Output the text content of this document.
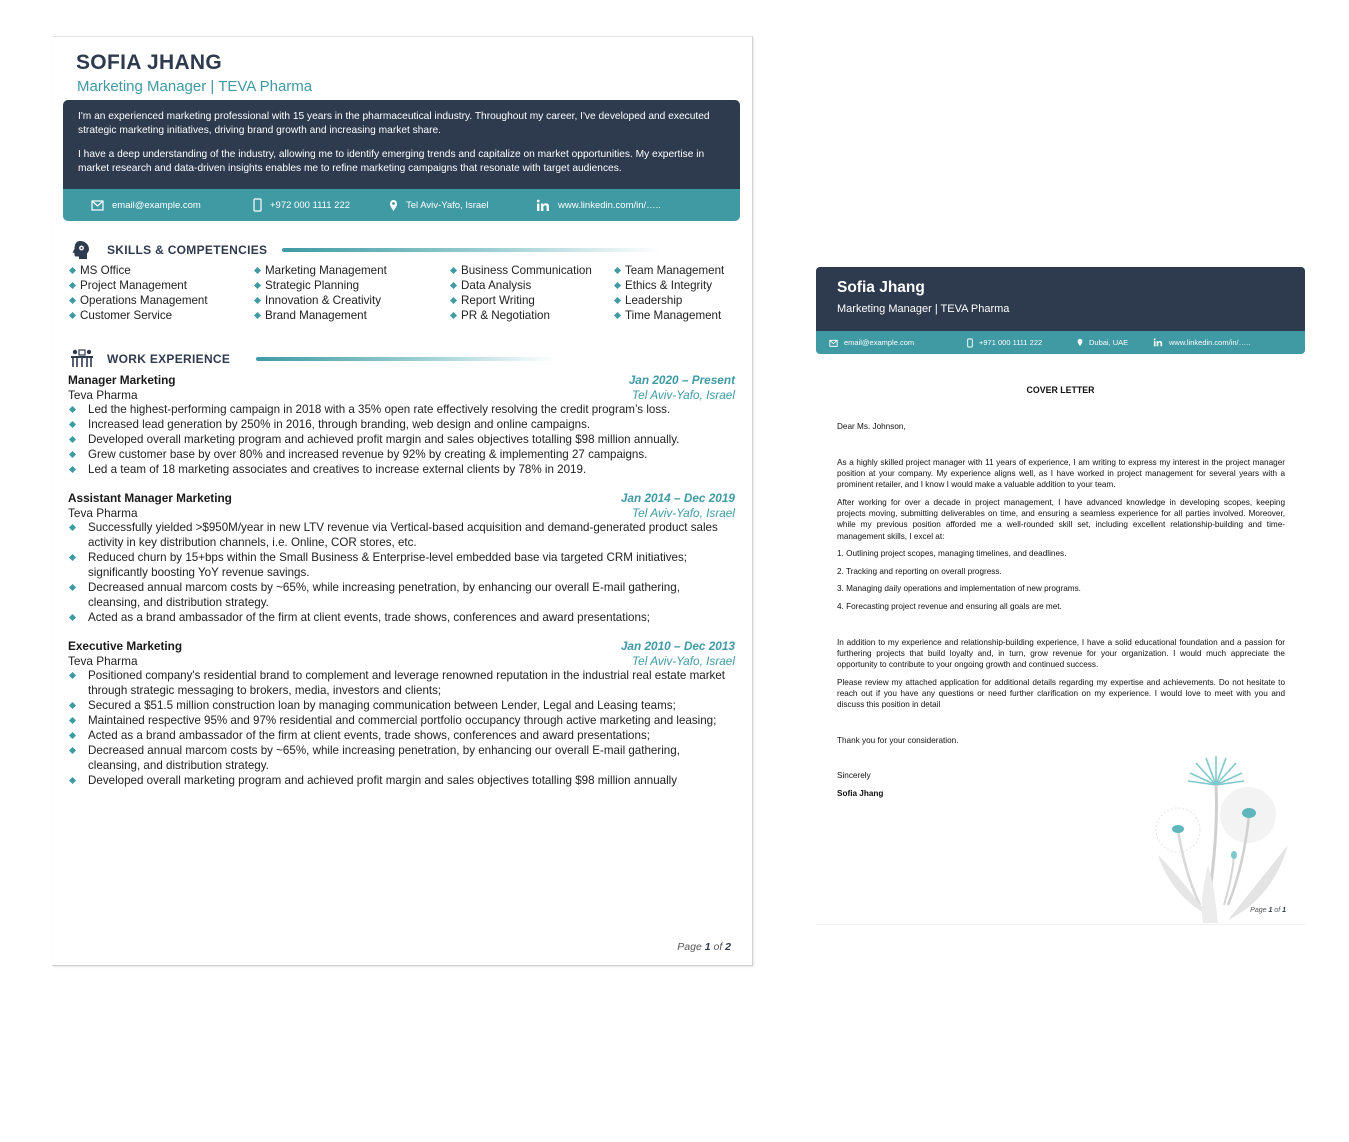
SOFIA JHANG
Marketing Manager | TEVA Pharma

I'm an experienced marketing professional with 15 years in the pharmaceutical industry. Throughout my career, I've developed and executed strategic marketing initiatives, driving brand growth and increasing market share.

I have a deep understanding of the industry, allowing me to identify emerging trends and capitalize on market opportunities. My expertise in market research and data-driven insights enables me to refine marketing campaigns that resonate with target audiences.

email@example.com	+972 000 1111 222	Tel Aviv-Yafo, Israel	www.linkedin.com/in/…..
SKILLS & COMPETENCIES
MS Office
Project Management
Operations Management
Customer Service
Marketing Management
Strategic Planning
Innovation & Creativity
Brand Management
Business Communication
Data Analysis
Report Writing
PR & Negotiation
Team Management
Ethics & Integrity
Leadership
Time Management
WORK EXPERIENCE
Manager Marketing	Jan 2020 – Present
Teva Pharma	Tel Aviv-Yafo, Israel
Led the highest-performing campaign in 2018 with a 35% open rate effectively resolving the credit program’s loss.
Increased lead generation by 250% in 2016, through branding, web design and online campaigns.
Developed overall marketing program and achieved profit margin and sales objectives totalling $98 million annually.
Grew customer base by over 80% and increased revenue by 92% by creating & implementing 27 campaigns.
Led a team of 18 marketing associates and creatives to increase external clients by 78% in 2019.
Assistant Manager Marketing	Jan 2014 – Dec 2019
Teva Pharma	Tel Aviv-Yafo, Israel
Successfully yielded >$950M/year in new LTV revenue via Vertical-based acquisition and demand-generated product sales activity in key distribution channels, i.e. Online, COR stores, etc.
Reduced churn by 15+bps within the Small Business & Enterprise-level embedded base via targeted CRM initiatives; significantly boosting YoY revenue savings.
Decreased annual marcom costs by ~65%, while increasing penetration, by enhancing our overall E-mail gathering, cleansing, and distribution strategy.
Acted as a brand ambassador of the firm at client events, trade shows, conferences and award presentations;
Executive Marketing	Jan 2010 – Dec 2013
Teva Pharma	Tel Aviv-Yafo, Israel
Positioned company's residential brand to complement and leverage renowned reputation in the industrial real estate market through strategic messaging to brokers, media, investors and clients;
Secured a $51.5 million construction loan by managing communication between Lender, Legal and Leasing teams;
Maintained respective 95% and 97% residential and commercial portfolio occupancy through active marketing and leasing;
Acted as a brand ambassador of the firm at client events, trade shows, conferences and award presentations;
Decreased annual marcom costs by ~65%, while increasing penetration, by enhancing our overall E-mail gathering, cleansing, and distribution strategy.
Developed overall marketing program and achieved profit margin and sales objectives totalling $98 million annually
Page 1 of 2
Sofia Jhang
Marketing Manager | TEVA Pharma
email@example.com	+971 000 1111 222	Dubai, UAE	www.linkedin.com/in/…..
COVER LETTER

Dear Ms. Johnson,

As a highly skilled project manager with 11 years of experience, I am writing to express my interest in the project manager position at your company. My experience aligns well, as I have worked in project management for several years with a prominent retailer, and I know I would make a valuable addition to your team.

After working for over a decade in project management, I have advanced knowledge in developing scopes, keeping projects moving, submitting deliverables on time, and ensuring a seamless experience for all parties involved. Moreover, while my previous position afforded me a well-rounded skill set, including excellent relationship-building and time-management skills, I excel at:

1. Outlining project scopes, managing timelines, and deadlines.

2. Tracking and reporting on overall progress.

3. Managing daily operations and implementation of new programs.

4. Forecasting project revenue and ensuring all goals are met.

In addition to my experience and relationship-building experience, I have a solid educational foundation and a passion for furthering projects that build loyalty and, in turn, grow revenue for your organization. I would much appreciate the opportunity to contribute to your ongoing growth and continued success.

Please review my attached application for additional details regarding my expertise and achievements. Do not hesitate to reach out if you have any questions or need further clarification on my experience. I would love to meet with you and discuss this position in detail

Thank you for your consideration.

Sincerely

Sofia Jhang

Page 1 of 1
